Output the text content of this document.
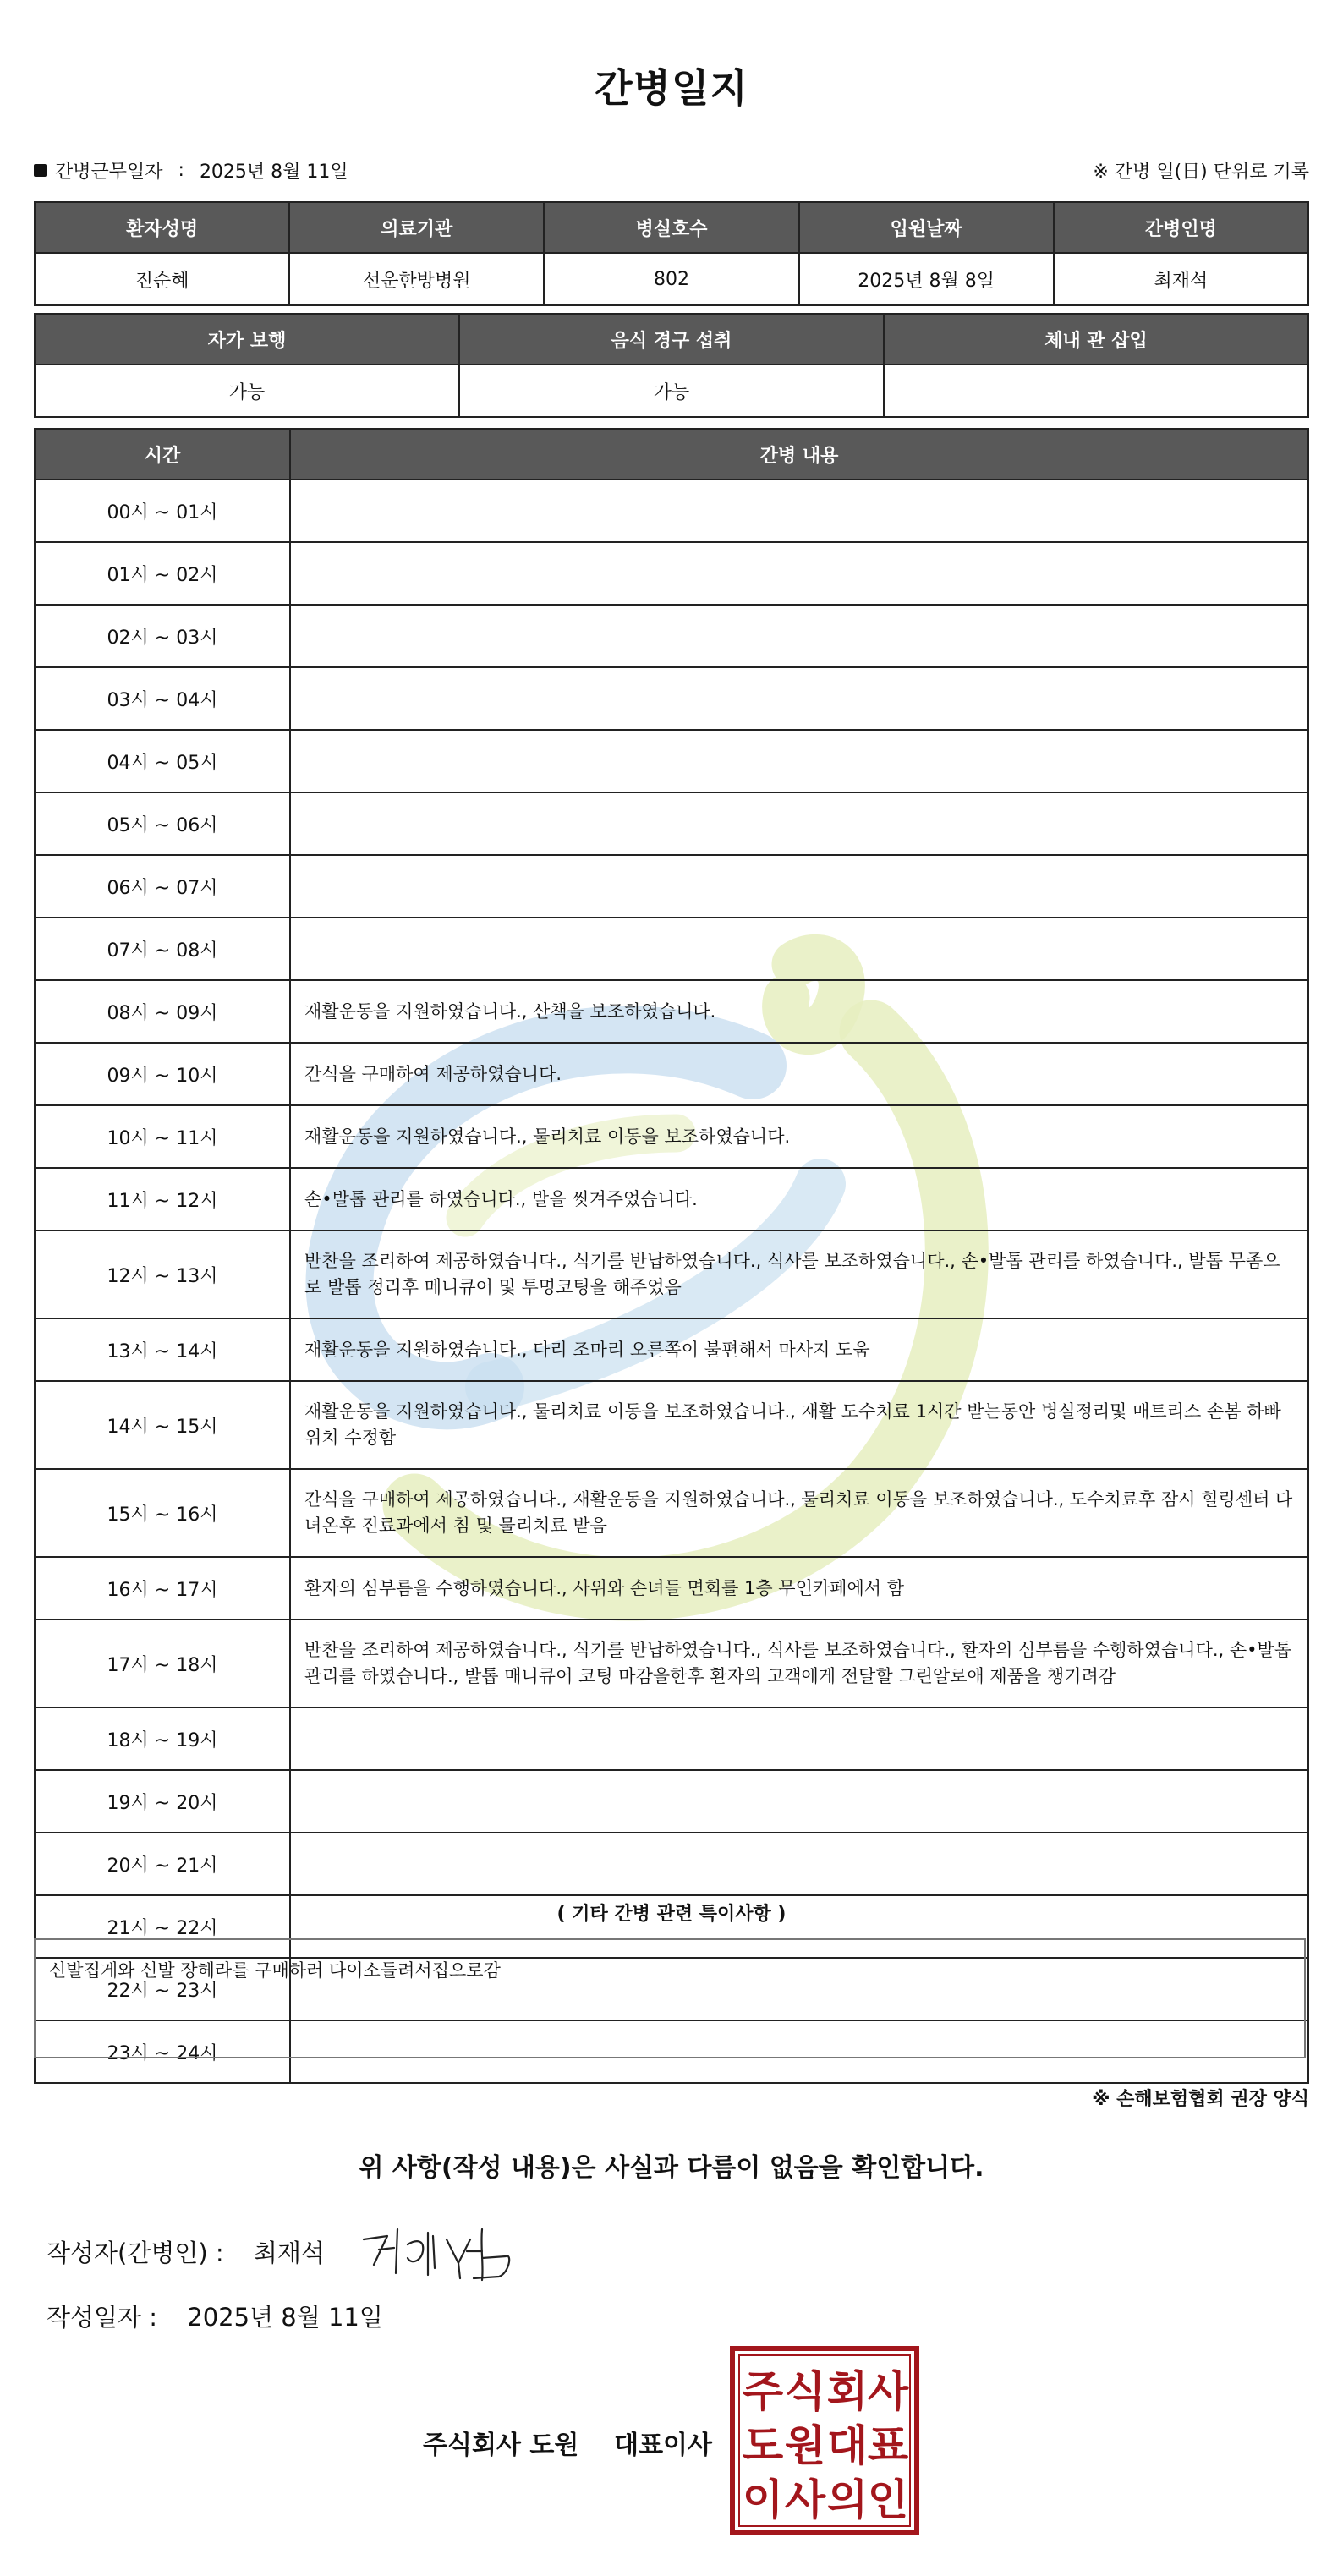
간병일지
간병근무일자 : 2025년 8월 11일	※ 간병 일(日) 단위로 기록
환자성명	의료기관	병실호수	입원날짜	간병인명
진순혜	선운한방병원	802	2025년 8월 8일	최재석
자가 보행	음식 경구 섭취	체내 관 삽입
가능	가능	
시간	간병 내용
00시 ~ 01시	
01시 ~ 02시	
02시 ~ 03시	
03시 ~ 04시	
04시 ~ 05시	
05시 ~ 06시	
06시 ~ 07시	
07시 ~ 08시	
08시 ~ 09시	재활운동을 지원하였습니다., 산책을 보조하였습니다.
09시 ~ 10시	간식을 구매하여 제공하였습니다.
10시 ~ 11시	재활운동을 지원하였습니다., 물리치료 이동을 보조하였습니다.
11시 ~ 12시	손•발톱 관리를 하였습니다., 발을 씻겨주었습니다.
12시 ~ 13시	반찬을 조리하여 제공하였습니다., 식기를 반납하였습니다., 식사를 보조하였습니다., 손•발톱 관리를 하였습니다., 발톱 무좀으로 발톱 정리후 메니큐어 및 투명코팅을 해주었음
13시 ~ 14시	재활운동을 지원하였습니다., 다리 조마리 오른쪽이 불편해서 마사지 도움
14시 ~ 15시	재활운동을 지원하였습니다., 물리치료 이동을 보조하였습니다., 재활 도수치료 1시간 받는동안 병실정리및 매트리스 손봄 하빠 위치 수정함
15시 ~ 16시	간식을 구매하여 제공하였습니다., 재활운동을 지원하였습니다., 물리치료 이동을 보조하였습니다., 도수치료후 잠시 힐링센터 다녀온후 진료과에서 침 및 물리치료 받음
16시 ~ 17시	환자의 심부름을 수행하였습니다., 사위와 손녀들 면회를 1층 무인카페에서 함
17시 ~ 18시	반찬을 조리하여 제공하였습니다., 식기를 반납하였습니다., 식사를 보조하였습니다., 환자의 심부름을 수행하였습니다., 손•발톱 관리를 하였습니다., 발톱 매니큐어 코팅 마감을한후 환자의 고객에게 전달할 그린알로애 제품을 챙기려감
18시 ~ 19시	
19시 ~ 20시	
20시 ~ 21시	
21시 ~ 22시	
22시 ~ 23시	
23시 ~ 24시	
( 기타 간병 관련 특이사항 )
신발집게와 신발 장헤라를 구매하러 다이소들려서집으로감
※ 손해보험협회 권장 양식
위 사항(작성 내용)은 사실과 다름이 없음을 확인합니다.
작성자(간병인) : 최재석
작성일자 : 2025년 8월 11일
주식회사 도원    대표이사
주 식 회 사
도 원 대 표
이 사 의 인
